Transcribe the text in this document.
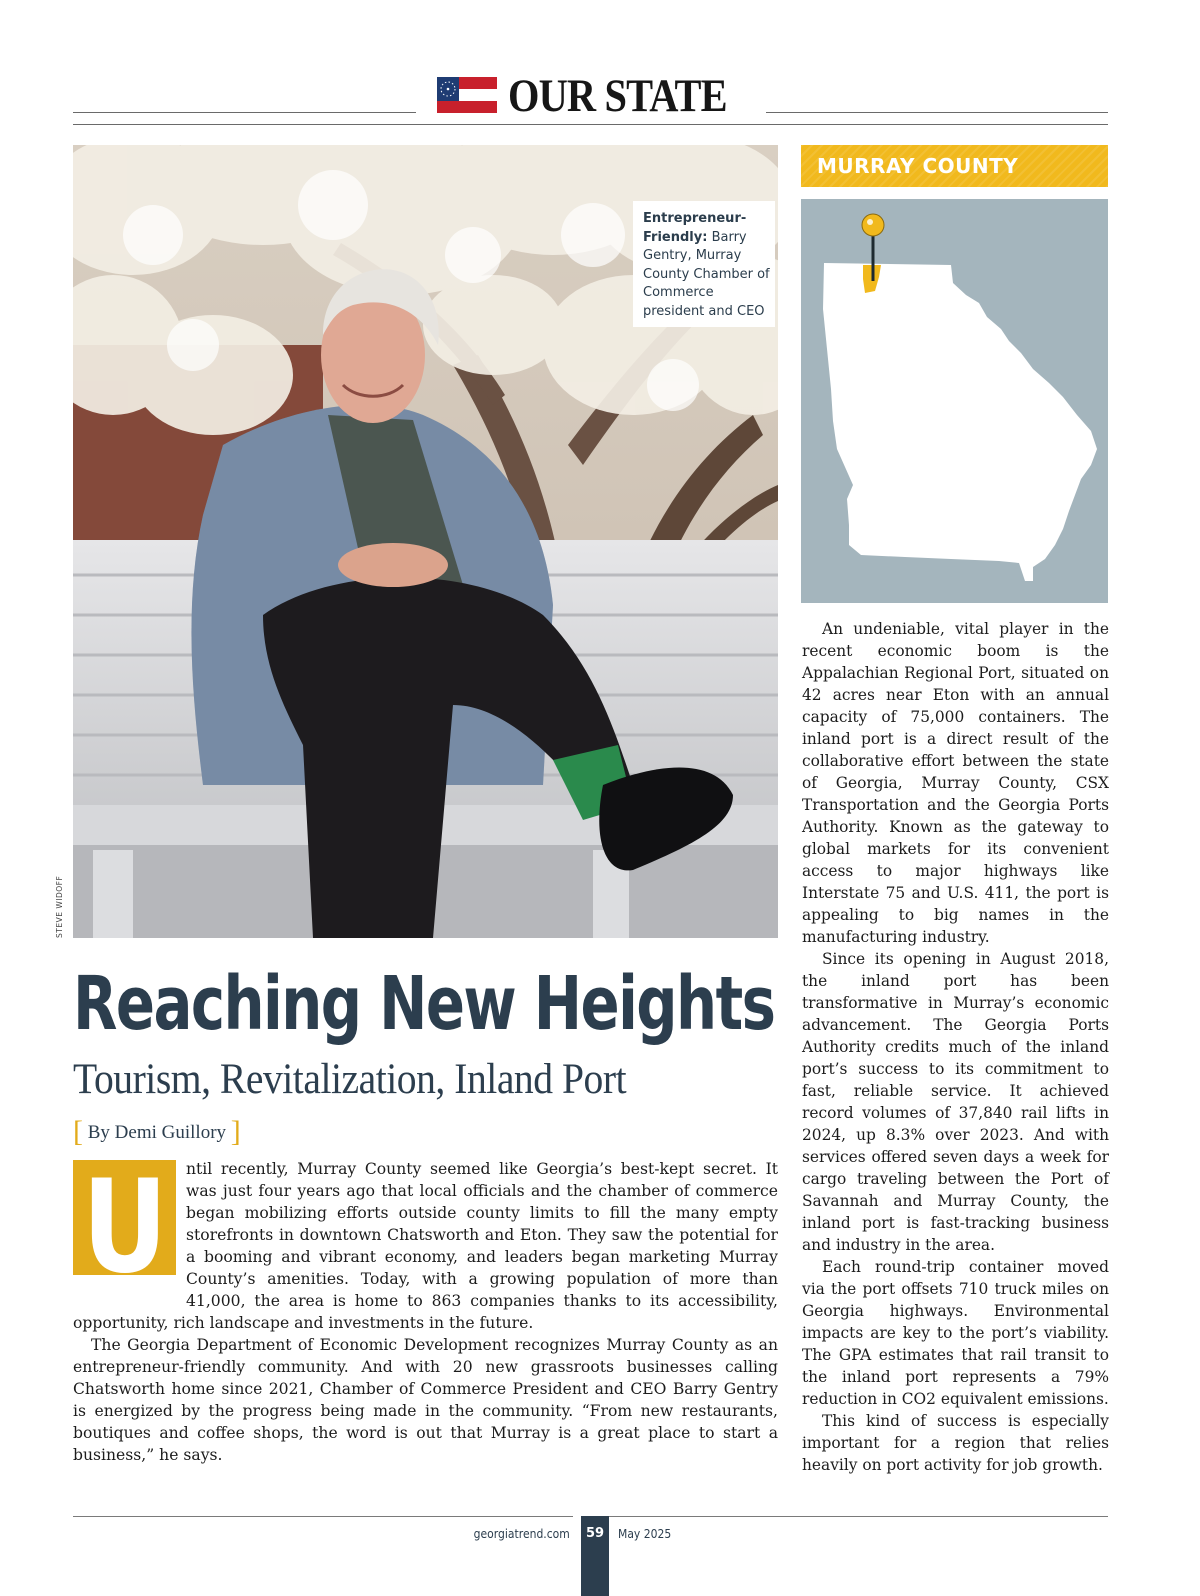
OUR STATE
Entrepreneur-Friendly: Barry Gentry, Murray County Chamber of Commerce president and CEO
STEVE WIDOFF
Reaching New Heights
Tourism, Revitalization, Inland Port
[ By Demi Guillory ]
U	ntil recently, Murray County seemed like Georgia’s best-kept secret. It was just four years ago that local officials and the chamber of commerce began mobilizing efforts outside county limits to fill the many empty storefronts in downtown Chatsworth and Eton. They saw the potential for a booming and vibrant economy, and leaders began marketing Murray County’s amenities. Today, with a growing population of more than 41,000, the area is home to 863 companies thanks to its accessibility, opportunity, rich landscape and investments in the future.

The Georgia Department of Economic Development recognizes Murray County as an entrepreneur-friendly community. And with 20 new grassroots businesses calling Chatsworth home since 2021, Chamber of Commerce President and CEO Barry Gentry is energized by the progress being made in the community. “From new restaurants, boutiques and coffee shops, the word is out that Murray is a great place to start a business,” he says.

MURRAY COUNTY

An undeniable, vital player in the recent economic boom is the Appalachian Regional Port, situated on 42 acres near Eton with an annual capacity of 75,000 containers. The inland port is a direct result of the collaborative effort between the state of Georgia, Murray County, CSX Transportation and the Georgia Ports Authority. Known as the gateway to global markets for its convenient access to major highways like Interstate 75 and U.S. 411, the port is appealing to big names in the manufacturing industry.

Since its opening in August 2018, the inland port has been transformative in Murray’s economic advancement. The Georgia Ports Authority credits much of the inland port’s success to its commitment to fast, reliable service. It achieved record volumes of 37,840 rail lifts in 2024, up 8.3% over 2023. And with services offered seven days a week for cargo traveling between the Port of Savannah and Murray County, the inland port is fast-tracking business and industry in the area.

Each round-trip container moved via the port offsets 710 truck miles on Georgia highways. Environmental impacts are key to the port’s viability. The GPA estimates that rail transit to the inland port represents a 79% reduction in CO2 equivalent emissions.

This kind of success is especially important for a region that relies heavily on port activity for job growth.

georgiatrend.com	59	May 2025
